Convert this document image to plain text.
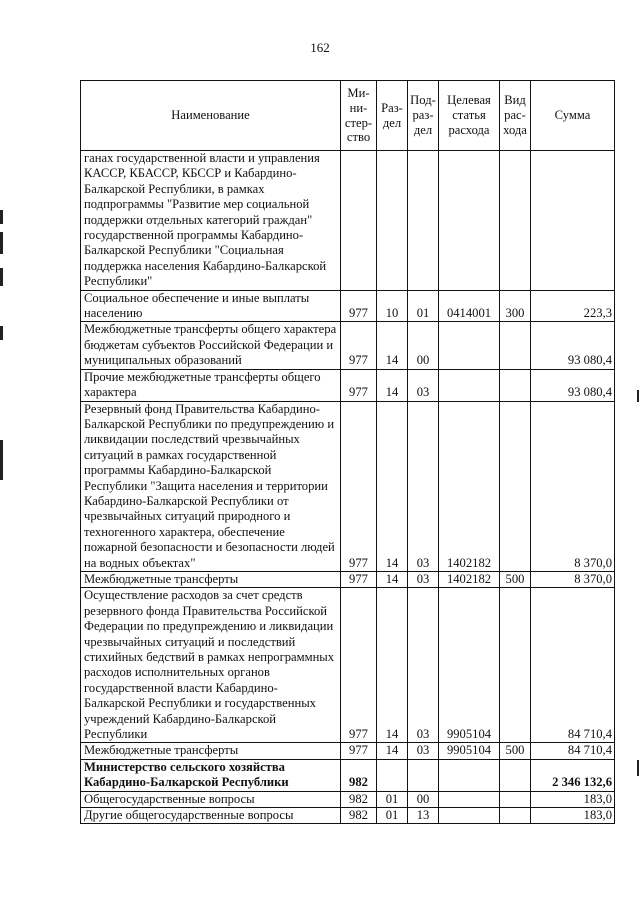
162
Наименование	Ми-
ни-
стер-
ство	Раз-
дел	Под-
раз-
дел	Целевая
статья
расхода	Вид
рас-
хода	Сумма
ганах государственной власти и управления КАССР, КБАССР, КБССР и Кабардино-Балкарской Республики, в рамках подпрограммы "Развитие мер социальной поддержки отдельных категорий граждан" государственной программы Кабардино-Балкарской Республики "Социальная поддержка населения Кабардино-Балкарской Республики"						
Социальное обеспечение и иные выплаты населению	977	10	01	0414001	300	223,3
Межбюджетные трансферты общего характера бюджетам субъектов Российской Федерации и муниципальных образований	977	14	00			93 080,4
Прочие межбюджетные трансферты общего характера	977	14	03			93 080,4
Резервный фонд Правительства Кабардино-Балкарской Республики по предупреждению и ликвидации последствий чрезвычайных ситуаций в рамках государственной программы Кабардино-Балкарской Республики "Защита населения и территории Кабардино-Балкарской Республики от чрезвычайных ситуаций природного и техногенного характера, обеспечение пожарной безопасности и безопасности людей на водных объектах"	977	14	03	1402182		8 370,0
Межбюджетные трансферты	977	14	03	1402182	500	8 370,0
Осуществление расходов за счет средств резервного фонда Правительства Российской Федерации по предупреждению и ликвидации чрезвычайных ситуаций и последствий стихийных бедствий в рамках непрограммных расходов исполнительных органов государственной власти Кабардино-Балкарской Республики и государственных учреждений Кабардино-Балкарской Республики	977	14	03	9905104		84 710,4
Межбюджетные трансферты	977	14	03	9905104	500	84 710,4
Министерство сельского хозяйства Кабардино-Балкарской Республики	982					2 346 132,6
Общегосударственные вопросы	982	01	00			183,0
Другие общегосударственные вопросы	982	01	13			183,0
